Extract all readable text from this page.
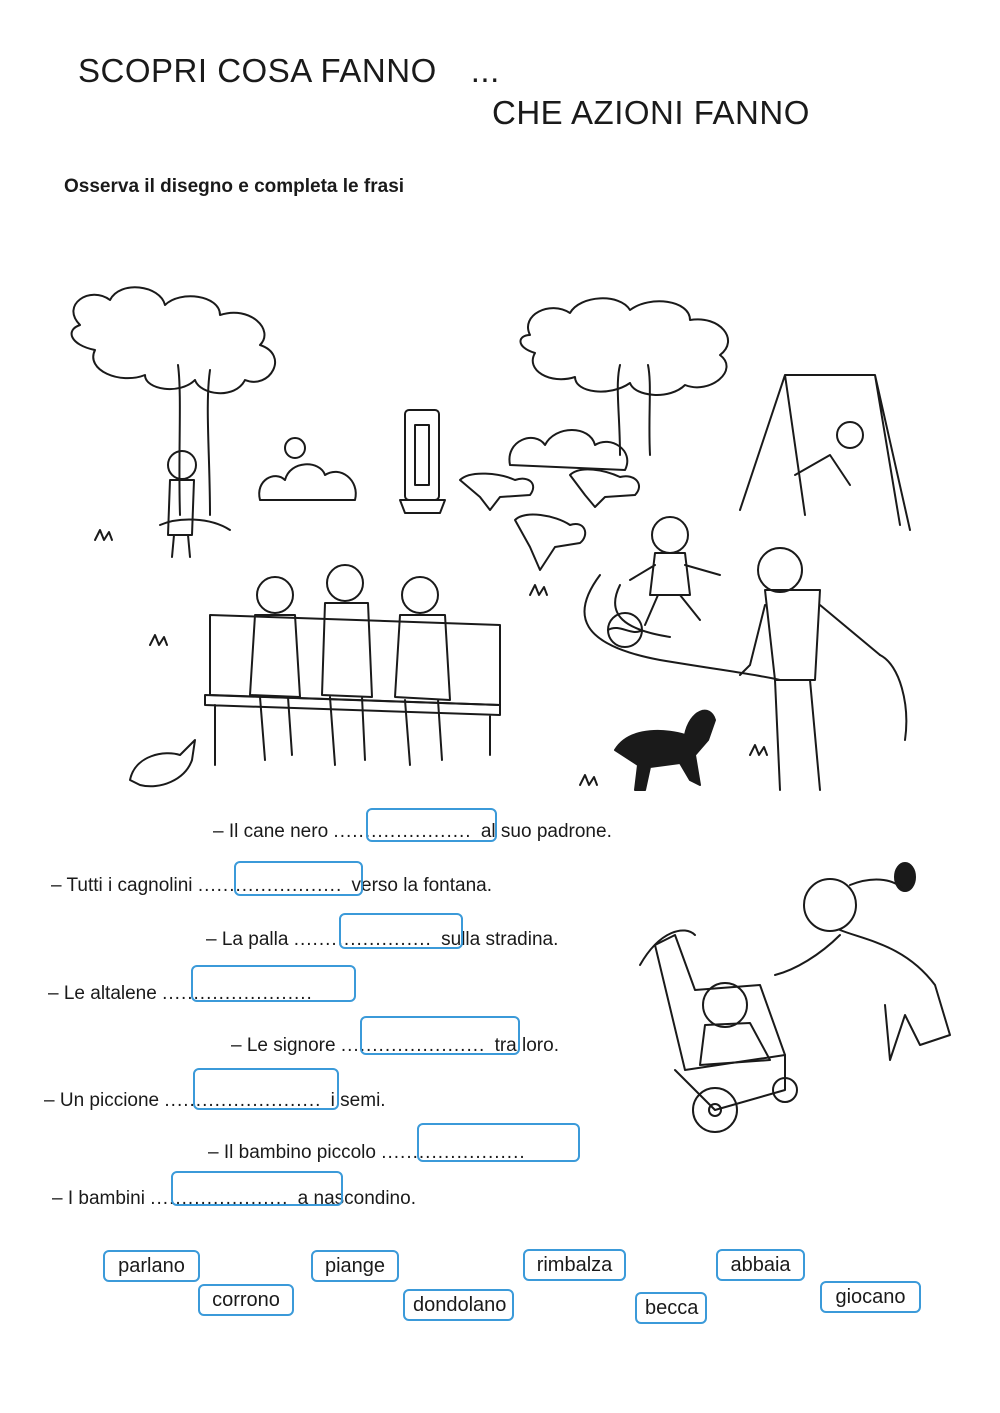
SCOPRI COSA FANNO ...
CHE AZIONI FANNO
Osserva il disegno e completa le frasi
– Il cane nero ...................... al suo padrone.
– Tutti i cagnolini ....................... verso la fontana.
– La palla ...................... sulla stradina.
– Le altalene ........................
– Le signore ....................... tra loro.
– Un piccione ......................... i semi.
– Il bambino piccolo .......................
– I bambini ...................... a nascondino.
parlano
corrono
piange
dondolano
rimbalza
becca
abbaia
giocano
